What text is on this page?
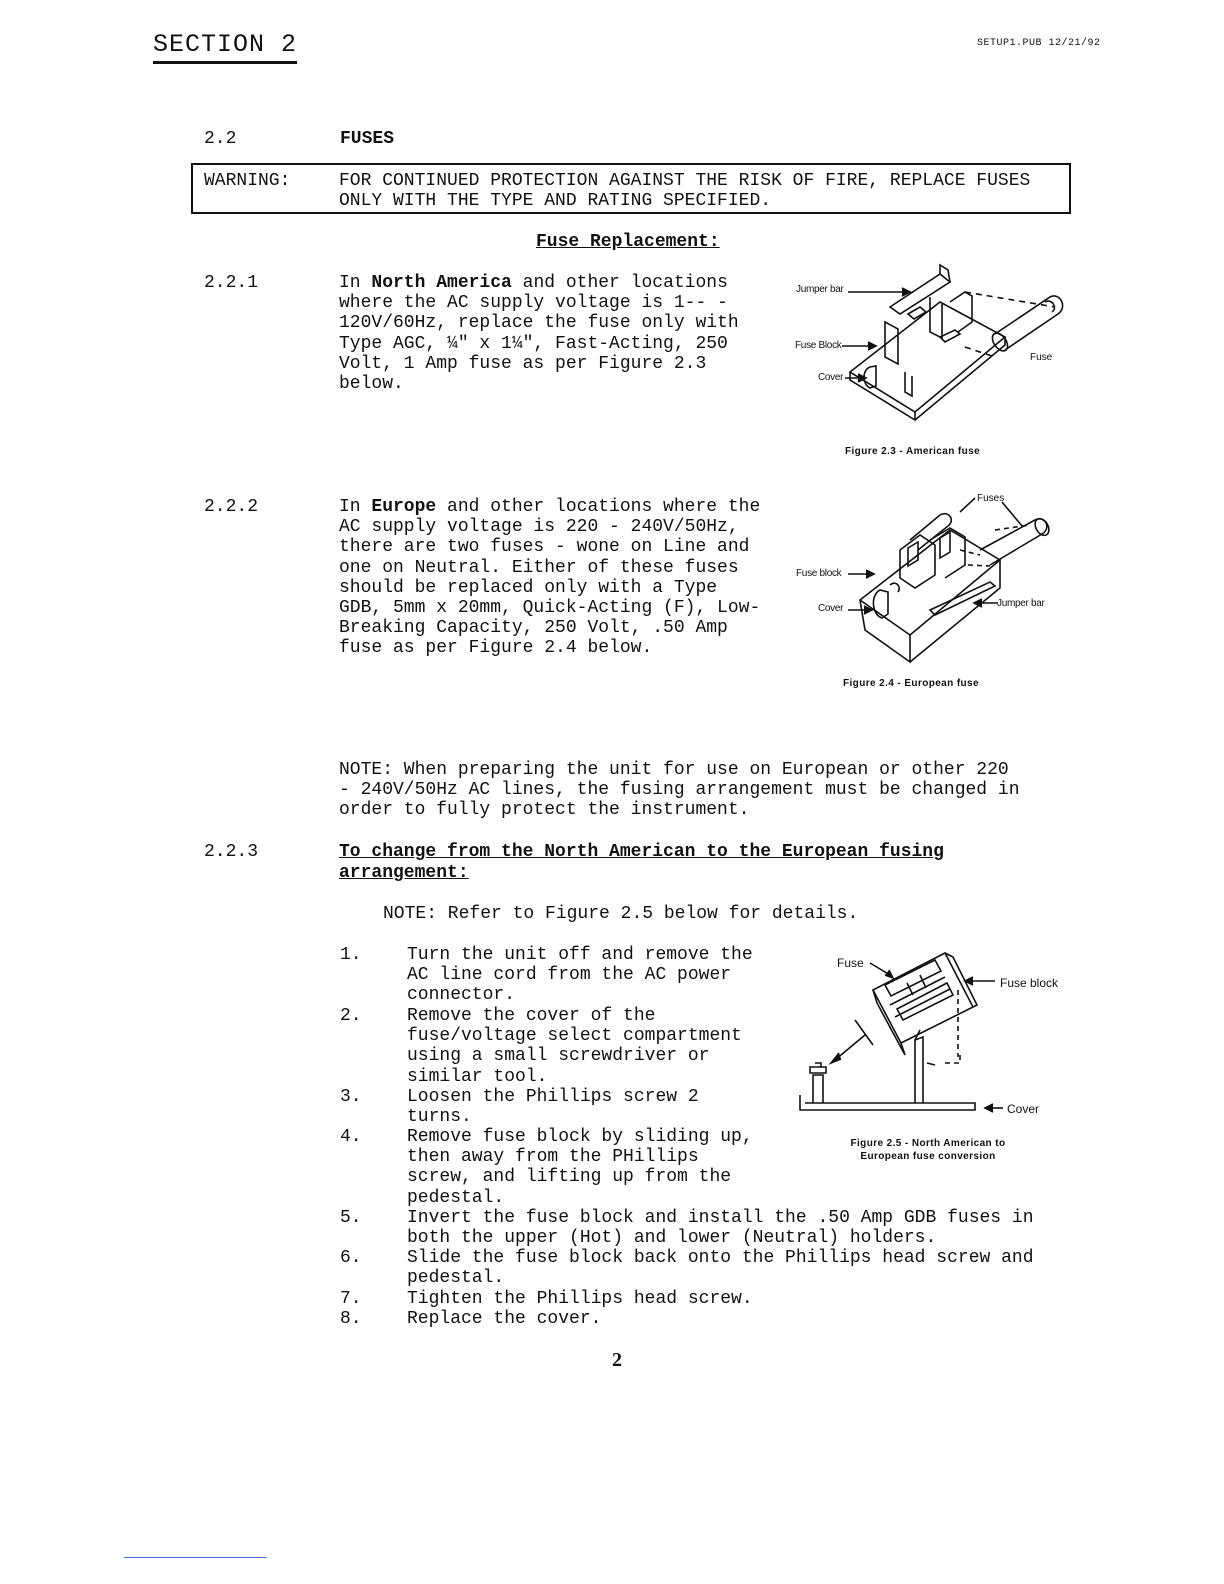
SECTION 2	SETUP1.PUB 12/21/92
2.2	FUSES
WARNING:	FOR CONTINUED PROTECTION AGAINST THE RISK OF FIRE, REPLACE FUSES
ONLY WITH THE TYPE AND RATING SPECIFIED.
Fuse Replacement:
2.2.1	In North America and other locations
where the AC supply voltage is 1-- -
120V/60Hz, replace the fuse only with
Type AGC, ¼" x 1¼", Fast-Acting, 250
Volt, 1 Amp fuse as per Figure 2.3
below.
Jumper bar
Fuse Block
Cover
Fuse
Figure 2.3 - American fuse
2.2.2	In Europe and other locations where the
AC supply voltage is 220 - 240V/50Hz,
there are two fuses - wone on Line and
one on Neutral. Either of these fuses
should be replaced only with a Type
GDB, 5mm x 20mm, Quick-Acting (F), Low-
Breaking Capacity, 250 Volt, .50 Amp
fuse as per Figure 2.4 below.
Fuses
Fuse block
Cover	Jumper bar
Figure 2.4 - European fuse
NOTE: When preparing the unit for use on European or other 220
- 240V/50Hz AC lines, the fusing arrangement must be changed in
order to fully protect the instrument.
2.2.3	To change from the North American to the European fusing
arrangement:
NOTE: Refer to Figure 2.5 below for details.
1.	Turn the unit off and remove the
AC line cord from the AC power
connector.
2.	Remove the cover of the
fuse/voltage select compartment
using a small screwdriver or
similar tool.
3.	Loosen the Phillips screw 2
turns.
4.	Remove fuse block by sliding up,
then away from the PHillips
screw, and lifting up from the
pedestal.
5.	Invert the fuse block and install the .50 Amp GDB fuses in
both the upper (Hot) and lower (Neutral) holders.
6.	Slide the fuse block back onto the Phillips head screw and
pedestal.
7.	Tighten the Phillips head screw.
8.	Replace the cover.
Fuse
Fuse block
Cover
Figure 2.5 - North American to
European fuse conversion
2
